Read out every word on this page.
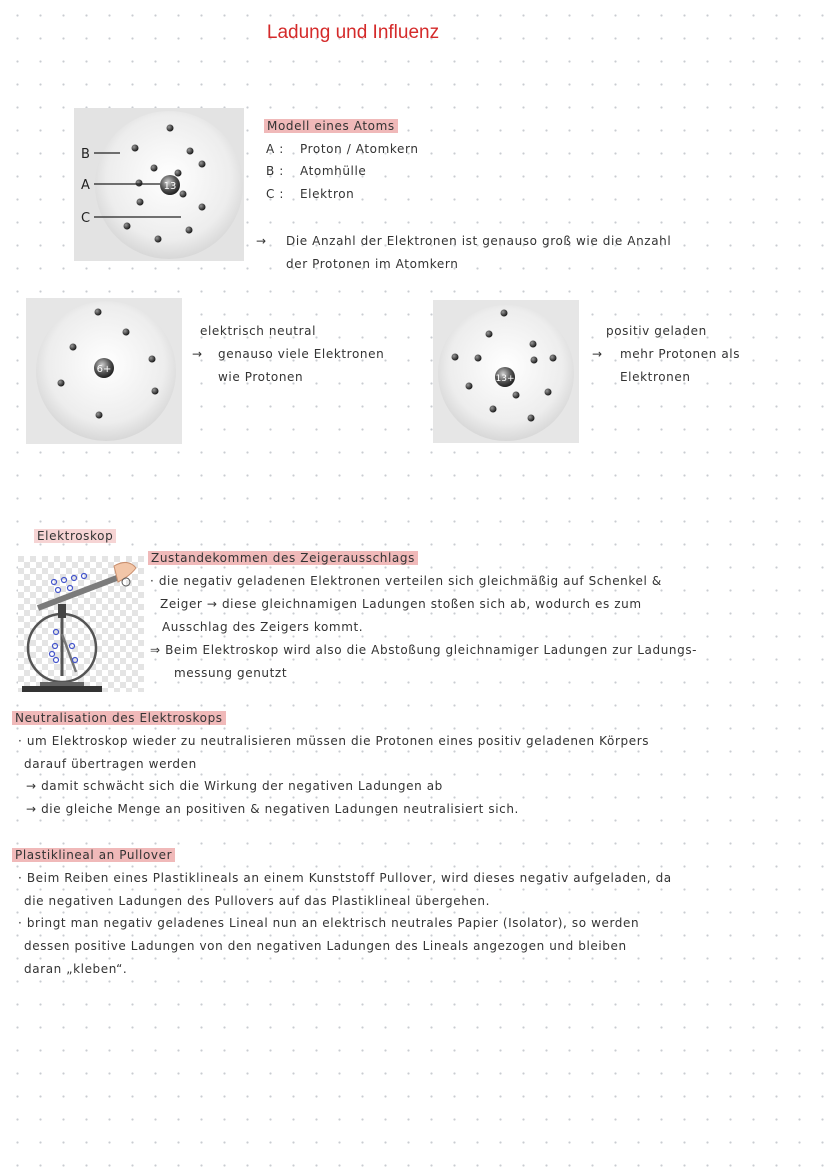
Ladung und Influenz
13
B
A
C
Modell eines Atoms
A : Proton / Atomkern
B : Atomhülle
C : Elektron
→ Die Anzahl der Elektronen ist genauso groß wie die Anzahl
der Protonen im Atomkern
6+
elektrisch neutral
→ genauso viele Elektronen
wie Protonen	13+
positiv geladen
→ mehr Protonen als
Elektronen
Elektroskop
Zustandekommen des Zeigerausschlags
· die negativ geladenen Elektronen verteilen sich gleichmäßig auf Schenkel &
Zeiger → diese gleichnamigen Ladungen stoßen sich ab, wodurch es zum
Ausschlag des Zeigers kommt.
⇒ Beim Elektroskop wird also die Abstoßung gleichnamiger Ladungen zur Ladungs-
messung genutzt
Neutralisation des Elektroskops
· um Elektroskop wieder zu neutralisieren müssen die Protonen eines positiv geladenen Körpers
darauf übertragen werden
→ damit schwächt sich die Wirkung der negativen Ladungen ab
→ die gleiche Menge an positiven & negativen Ladungen neutralisiert sich.
Plastiklineal an Pullover
· Beim Reiben eines Plastiklineals an einem Kunststoff Pullover, wird dieses negativ aufgeladen, da
die negativen Ladungen des Pullovers auf das Plastiklineal übergehen.
· bringt man negativ geladenes Lineal nun an elektrisch neutrales Papier (Isolator), so werden
dessen positive Ladungen von den negativen Ladungen des Lineals angezogen und bleiben
daran „kleben“.
